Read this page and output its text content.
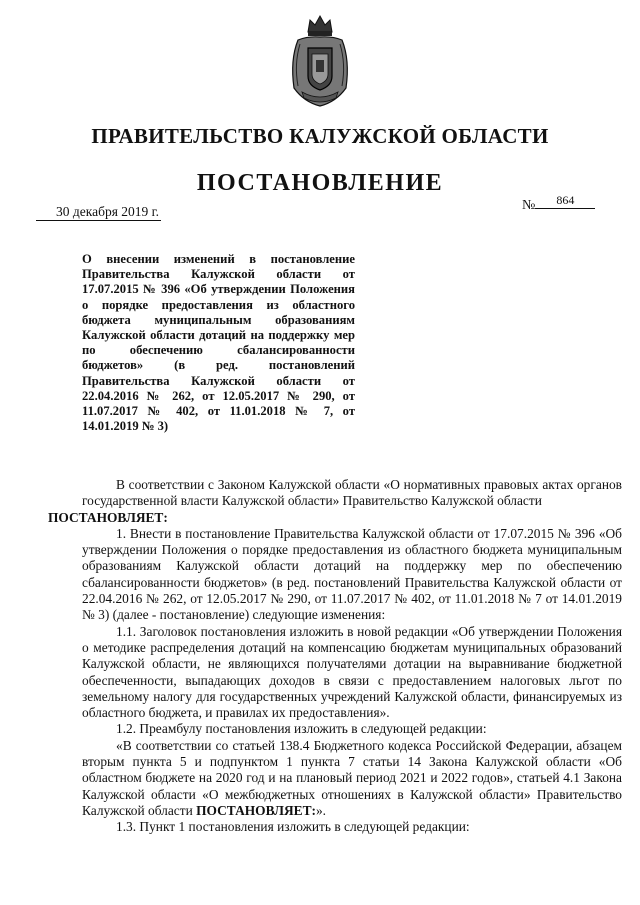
ПРАВИТЕЛЬСТВО КАЛУЖСКОЙ ОБЛАСТИ
ПОСТАНОВЛЕНИЕ
30 декабря 2019 г.	№ 864

О внесении изменений в постановление Правительства Калужской области от 17.07.2015 № 396 «Об утверждении Положения о порядке предоставления из областного бюджета муниципальным образованиям Калужской области дотаций на поддержку мер по обеспечению сбалансированности бюджетов» (в ред. постановлений Правительства Калужской области от 22.04.2016 № 262, от 12.05.2017 № 290, от 11.07.2017 № 402, от 11.01.2018 № 7, от 14.01.2019 № 3)

В соответствии с Законом Калужской области «О нормативных правовых актах органов государственной власти Калужской области» Правительство Калужской области
ПОСТАНОВЛЯЕТ:

1. Внести в постановление Правительства Калужской области от 17.07.2015 № 396 «Об утверждении Положения о порядке предоставления из областного бюджета муниципальным образованиям Калужской области дотаций на поддержку мер по обеспечению сбалансированности бюджетов» (в ред. постановлений Правительства Калужской области от 22.04.2016 № 262, от 12.05.2017 № 290, от 11.07.2017 № 402, от 11.01.2018 № 7 от 14.01.2019 № 3) (далее - постановление) следующие изменения:

1.1. Заголовок постановления изложить в новой редакции «Об утверждении Положения о методике распределения дотаций на компенсацию бюджетам муниципальных образований Калужской области, не являющихся получателями дотации на выравнивание бюджетной обеспеченности, выпадающих доходов в связи с предоставлением налоговых льгот по земельному налогу для государственных учреждений Калужской области, финансируемых из областного бюджета, и правилах их предоставления».

1.2. Преамбулу постановления изложить в следующей редакции:

«В соответствии со статьей 138.4 Бюджетного кодекса Российской Федерации, абзацем вторым пункта 5 и подпунктом 1 пункта 7 статьи 14 Закона Калужской области «Об областном бюджете на 2020 год и на плановый период 2021 и 2022 годов», статьей 4.1 Закона Калужской области «О межбюджетных отношениях в Калужской области» Правительство Калужской области ПОСТАНОВЛЯЕТ:».

1.3. Пункт 1 постановления изложить в следующей редакции:
